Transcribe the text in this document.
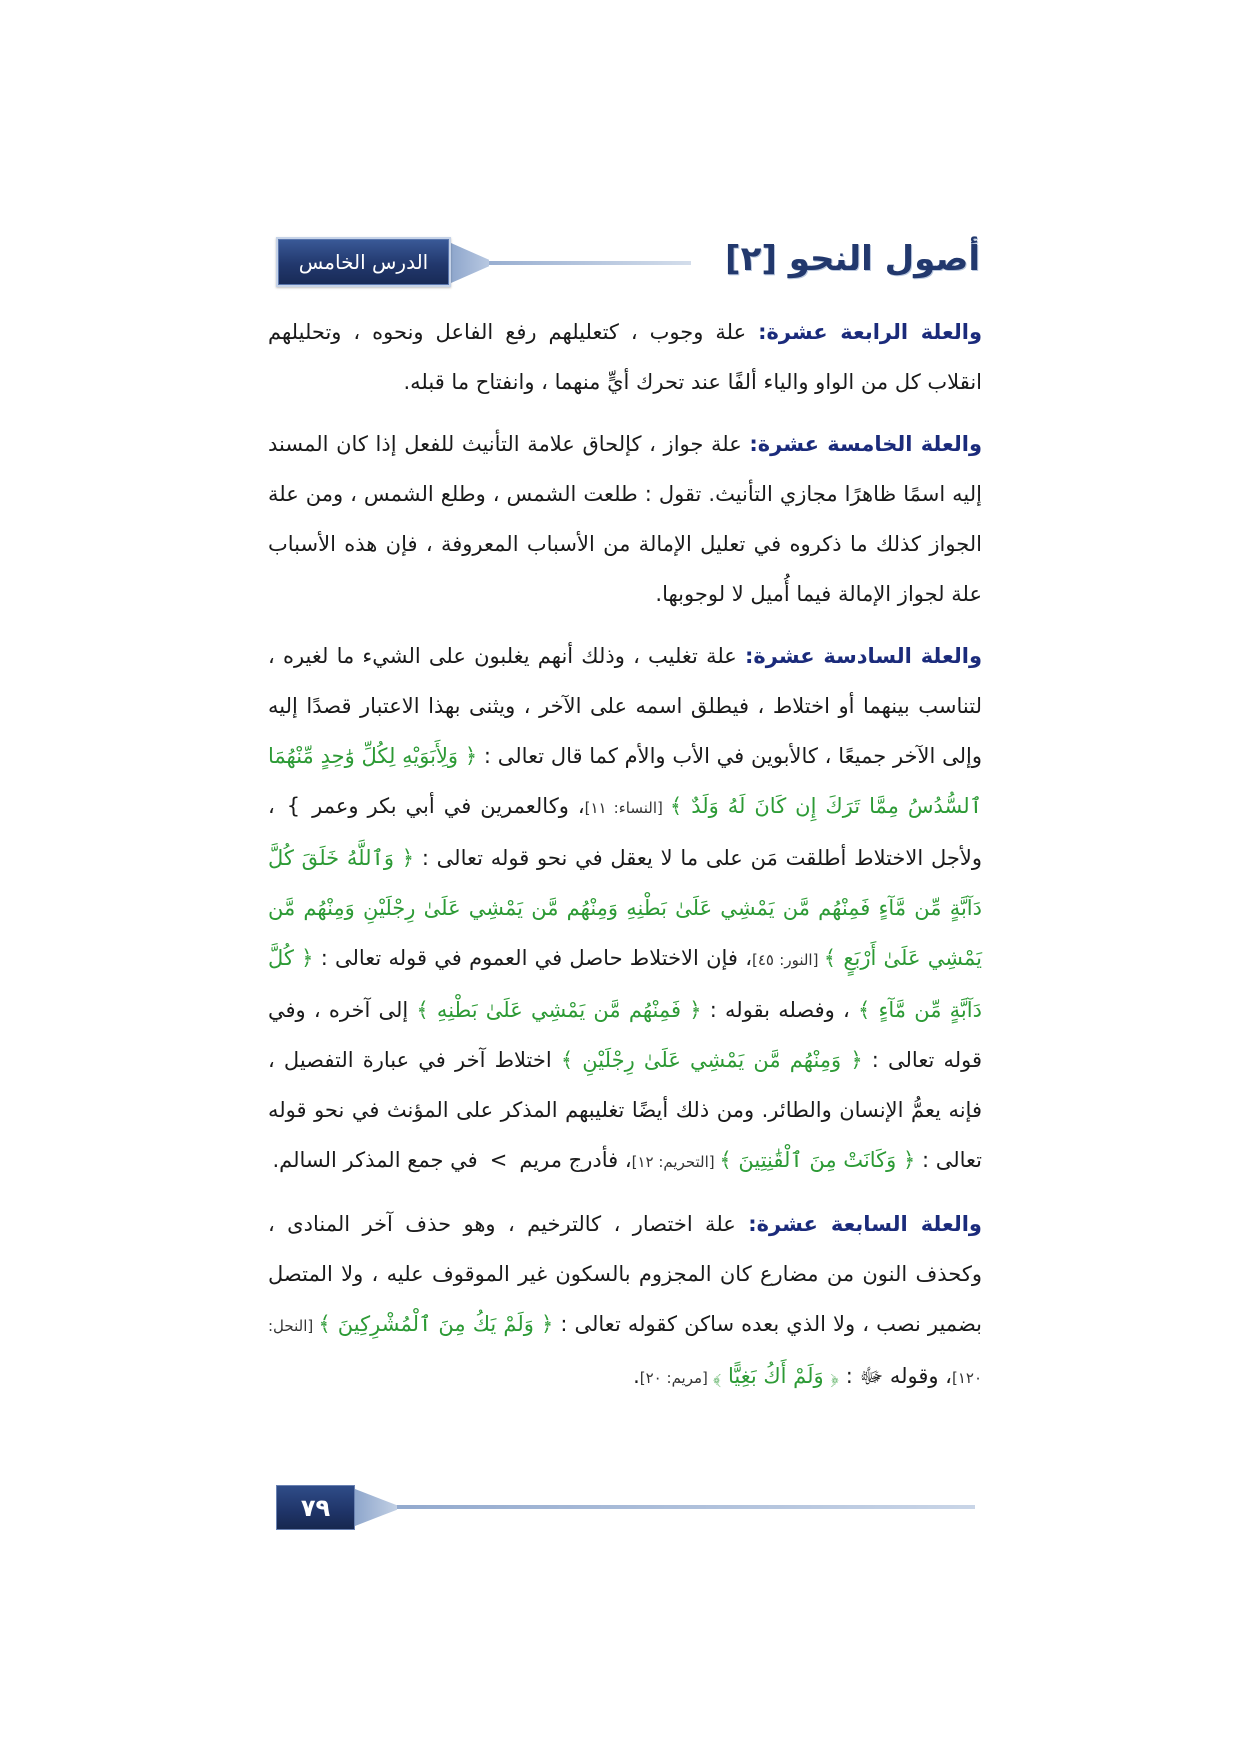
أصول النحو [٢]
الدرس الخامس

والعلة الرابعة عشرة: علة وجوب ، كتعليلهم رفع الفاعل ونحوه ، وتحليلهم انقلاب كل من الواو والياء ألفًا عند تحرك أيٍّ منهما ، وانفتاح ما قبله.

والعلة الخامسة عشرة: علة جواز ، كإلحاق علامة التأنيث للفعل إذا كان المسند إليه اسمًا ظاهرًا مجازي التأنيث. تقول : طلعت الشمس ، وطلع الشمس ، ومن علة الجواز كذلك ما ذكروه في تعليل الإمالة من الأسباب المعروفة ، فإن هذه الأسباب علة لجواز الإمالة فيما أُميل لا لوجوبها.

والعلة السادسة عشرة: علة تغليب ، وذلك أنهم يغلبون على الشيء ما لغيره ، لتناسب بينهما أو اختلاط ، فيطلق اسمه على الآخر ، ويثنى بهذا الاعتبار قصدًا إليه وإلى الآخر جميعًا ، كالأبوين في الأب والأم كما قال تعالى : ﴿ وَلِأَبَوَيْهِ لِكُلِّ وَٰحِدٍ مِّنْهُمَا ٱلسُّدُسُ مِمَّا تَرَكَ إِن كَانَ لَهُ وَلَدٌ ﴾ [النساء: ١١]، وكالعمرين في أبي بكر وعمر{، ولأجل الاختلاط أطلقت مَن على ما لا يعقل في نحو قوله تعالى : ﴿ وَٱللَّهُ خَلَقَ كُلَّ دَآبَّةٍ مِّن مَّآءٍ فَمِنْهُم مَّن يَمْشِي عَلَىٰ بَطْنِهِ وَمِنْهُم مَّن يَمْشِي عَلَىٰ رِجْلَيْنِ وَمِنْهُم مَّن يَمْشِي عَلَىٰ أَرْبَعٍ ﴾ [النور: ٤٥]، فإن الاختلاط حاصل في العموم في قوله تعالى : ﴿ كُلَّ دَآبَّةٍ مِّن مَّآءٍ ﴾ ، وفصله بقوله : ﴿ فَمِنْهُم مَّن يَمْشِي عَلَىٰ بَطْنِهِ ﴾ إلى آخره ، وفي قوله تعالى : ﴿ وَمِنْهُم مَّن يَمْشِي عَلَىٰ رِجْلَيْنِ ﴾ اختلاط آخر في عبارة التفصيل ، فإنه يعمُّ الإنسان والطائر. ومن ذلك أيضًا تغليبهم المذكر على المؤنث في نحو قوله تعالى : ﴿ وَكَانَتْ مِنَ ٱلْقَٰنِتِينَ ﴾ [التحريم: ١٢]، فأدرج مريم<في جمع المذكر السالم.

والعلة السابعة عشرة: علة اختصار ، كالترخيم ، وهو حذف آخر المنادى ، وكحذف النون من مضارع كان المجزوم بالسكون غير الموقوف عليه ، ولا المتصل بضمير نصب ، ولا الذي بعده ساكن كقوله تعالى : ﴿ وَلَمْ يَكُ مِنَ ٱلْمُشْرِكِينَ ﴾ [النحل: ١٢٠]، وقوله ﷻ : ﴿ وَلَمْ أَكُ بَغِيًّا ﴾ [مريم: ٢٠].

٧٩
